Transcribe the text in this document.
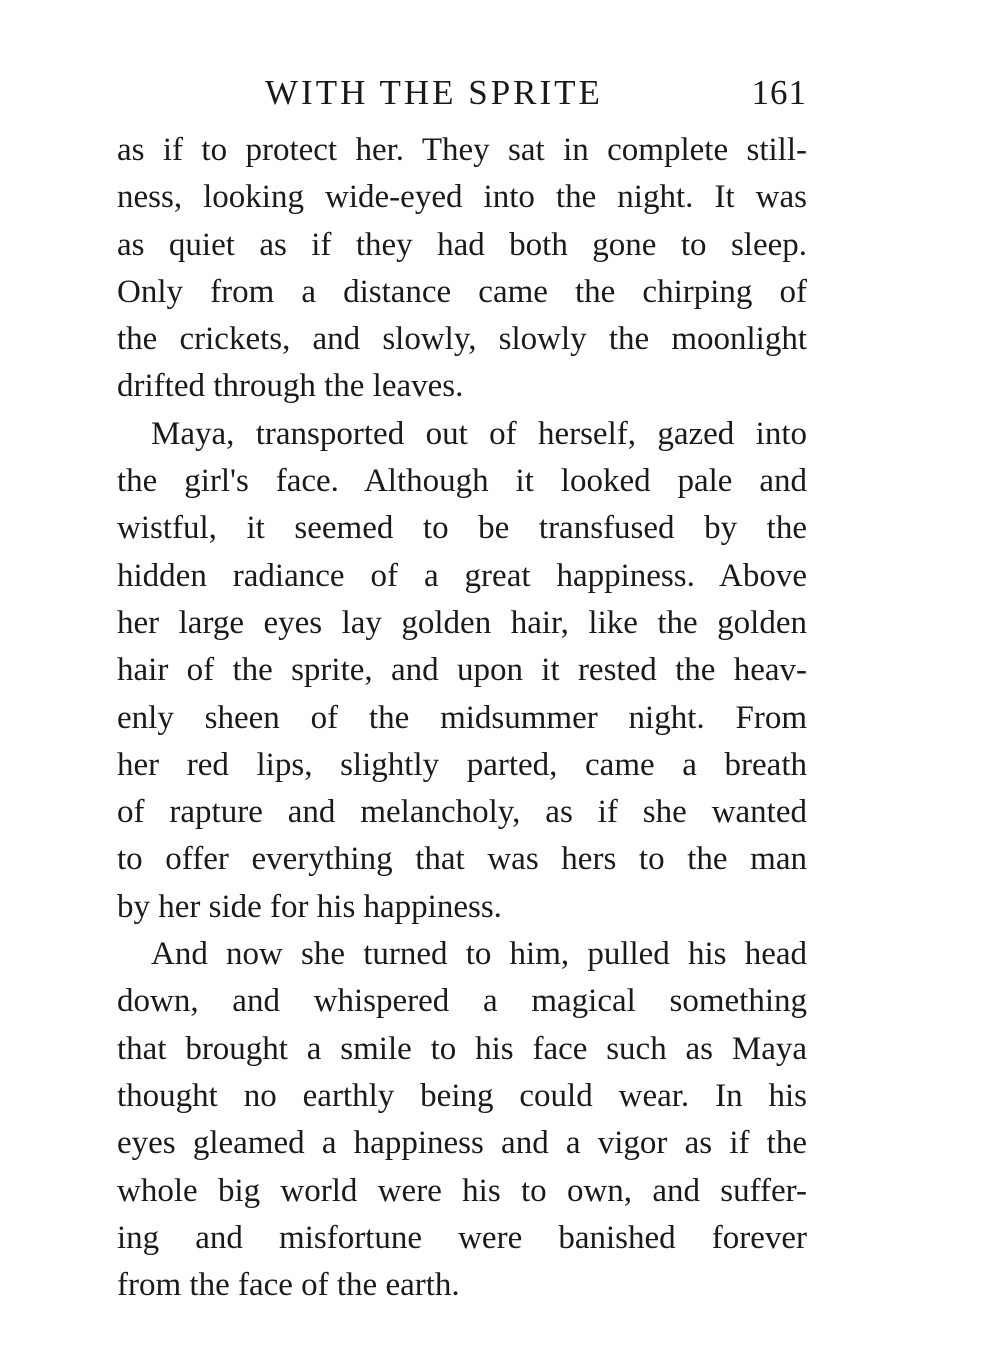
WITH THE SPRITE	161

as if to protect her. They sat in complete still-
ness, looking wide-eyed into the night. It was
as quiet as if they had both gone to sleep.
Only from a distance came the chirping of
the crickets, and slowly, slowly the moonlight
drifted through the leaves.

Maya, transported out of herself, gazed into
the girl's face. Although it looked pale and
wistful, it seemed to be transfused by the
hidden radiance of a great happiness. Above
her large eyes lay golden hair, like the golden
hair of the sprite, and upon it rested the heav-
enly sheen of the midsummer night. From
her red lips, slightly parted, came a breath
of rapture and melancholy, as if she wanted
to offer everything that was hers to the man
by her side for his happiness.

And now she turned to him, pulled his head
down, and whispered a magical something
that brought a smile to his face such as Maya
thought no earthly being could wear. In his
eyes gleamed a happiness and a vigor as if the
whole big world were his to own, and suffer-
ing and misfortune were banished forever
from the face of the earth.
